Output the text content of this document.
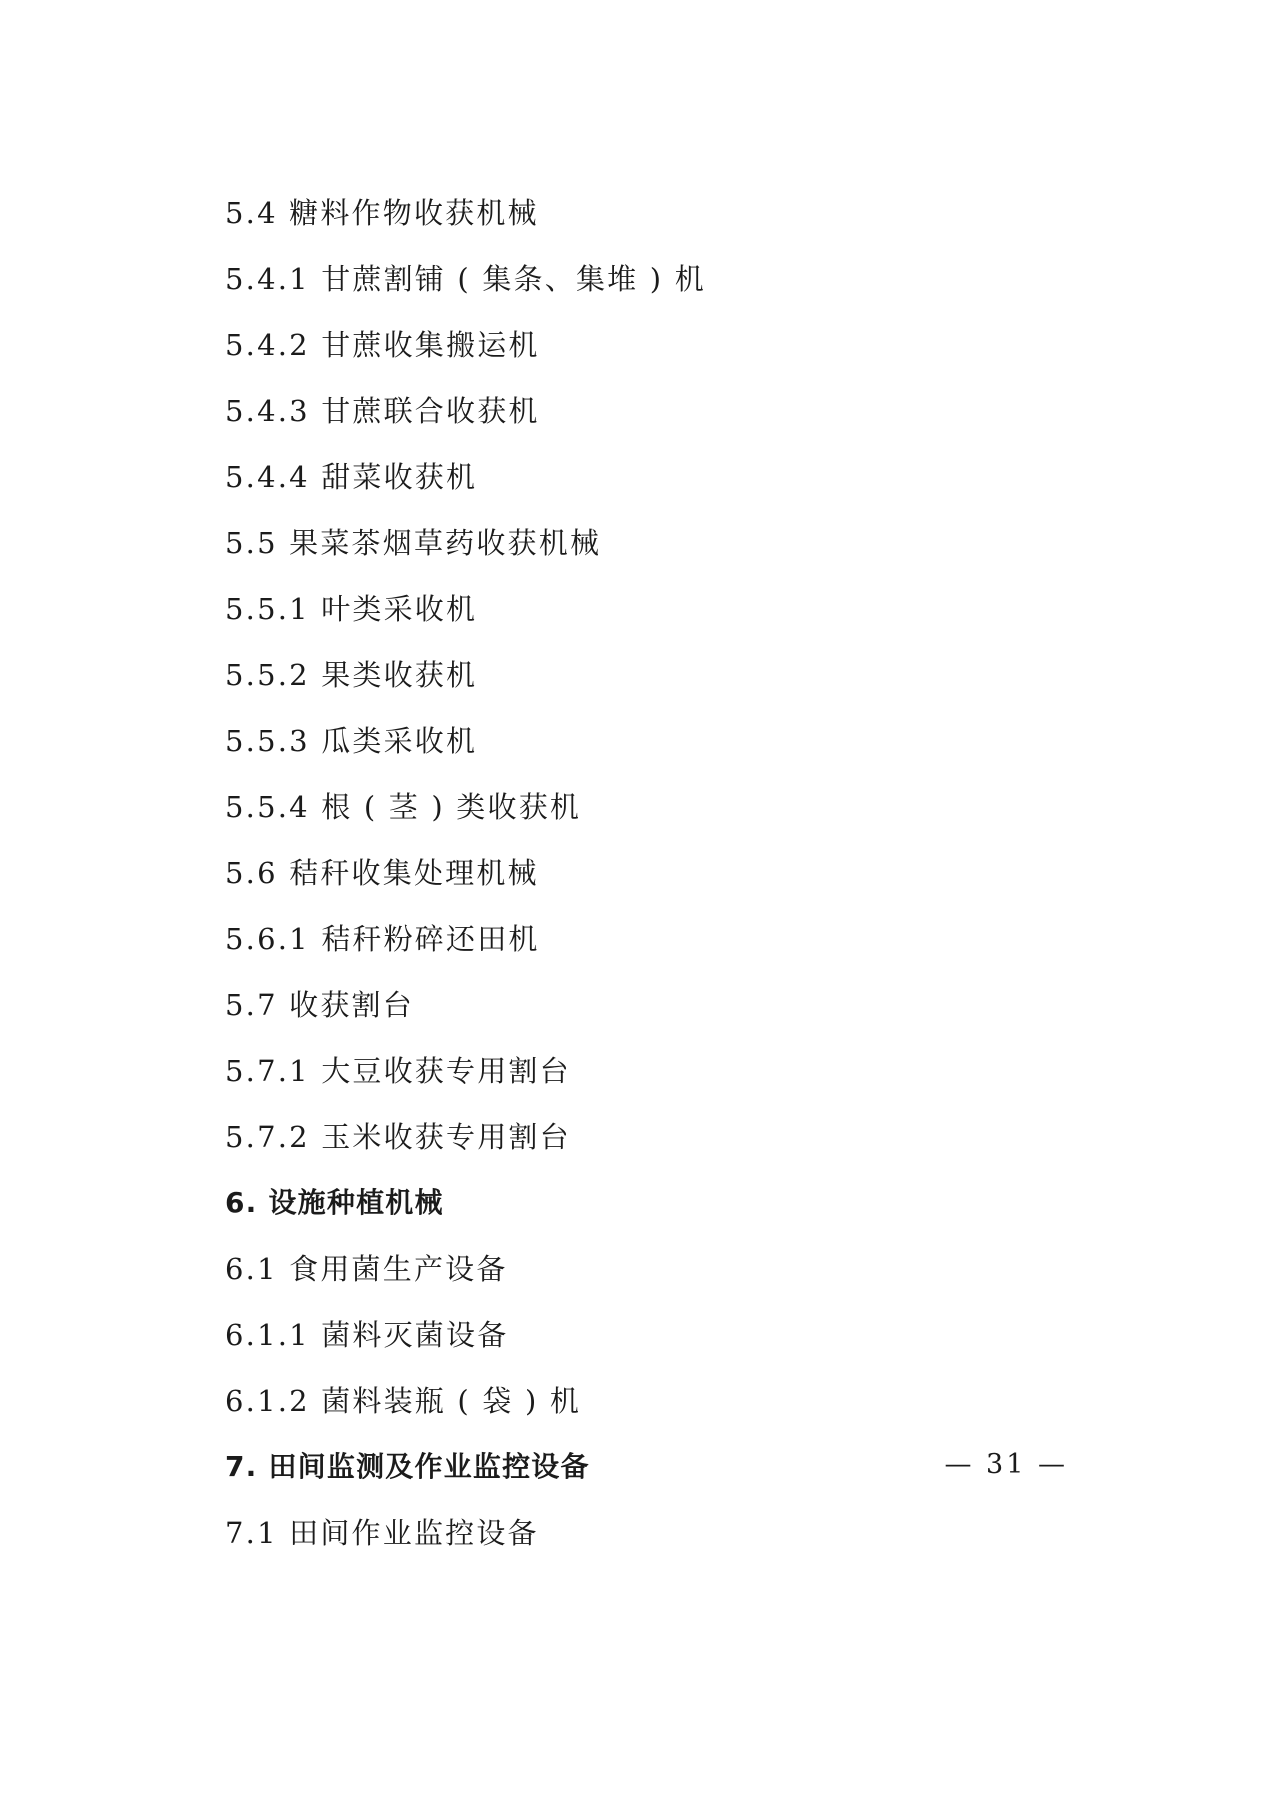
5.4 糖料作物收获机械
5.4.1 甘蔗割铺 ( 集条、集堆 ) 机
5.4.2 甘蔗收集搬运机
5.4.3 甘蔗联合收获机
5.4.4 甜菜收获机
5.5 果菜茶烟草药收获机械
5.5.1 叶类采收机
5.5.2 果类收获机
5.5.3 瓜类采收机
5.5.4 根 ( 茎 ) 类收获机
5.6 秸秆收集处理机械
5.6.1 秸秆粉碎还田机
5.7 收获割台
5.7.1 大豆收获专用割台
5.7.2 玉米收获专用割台
6. 设施种植机械
6.1 食用菌生产设备
6.1.1 菌料灭菌设备
6.1.2 菌料装瓶 ( 袋 ) 机
7. 田间监测及作业监控设备
7.1 田间作业监控设备
— 31 —
